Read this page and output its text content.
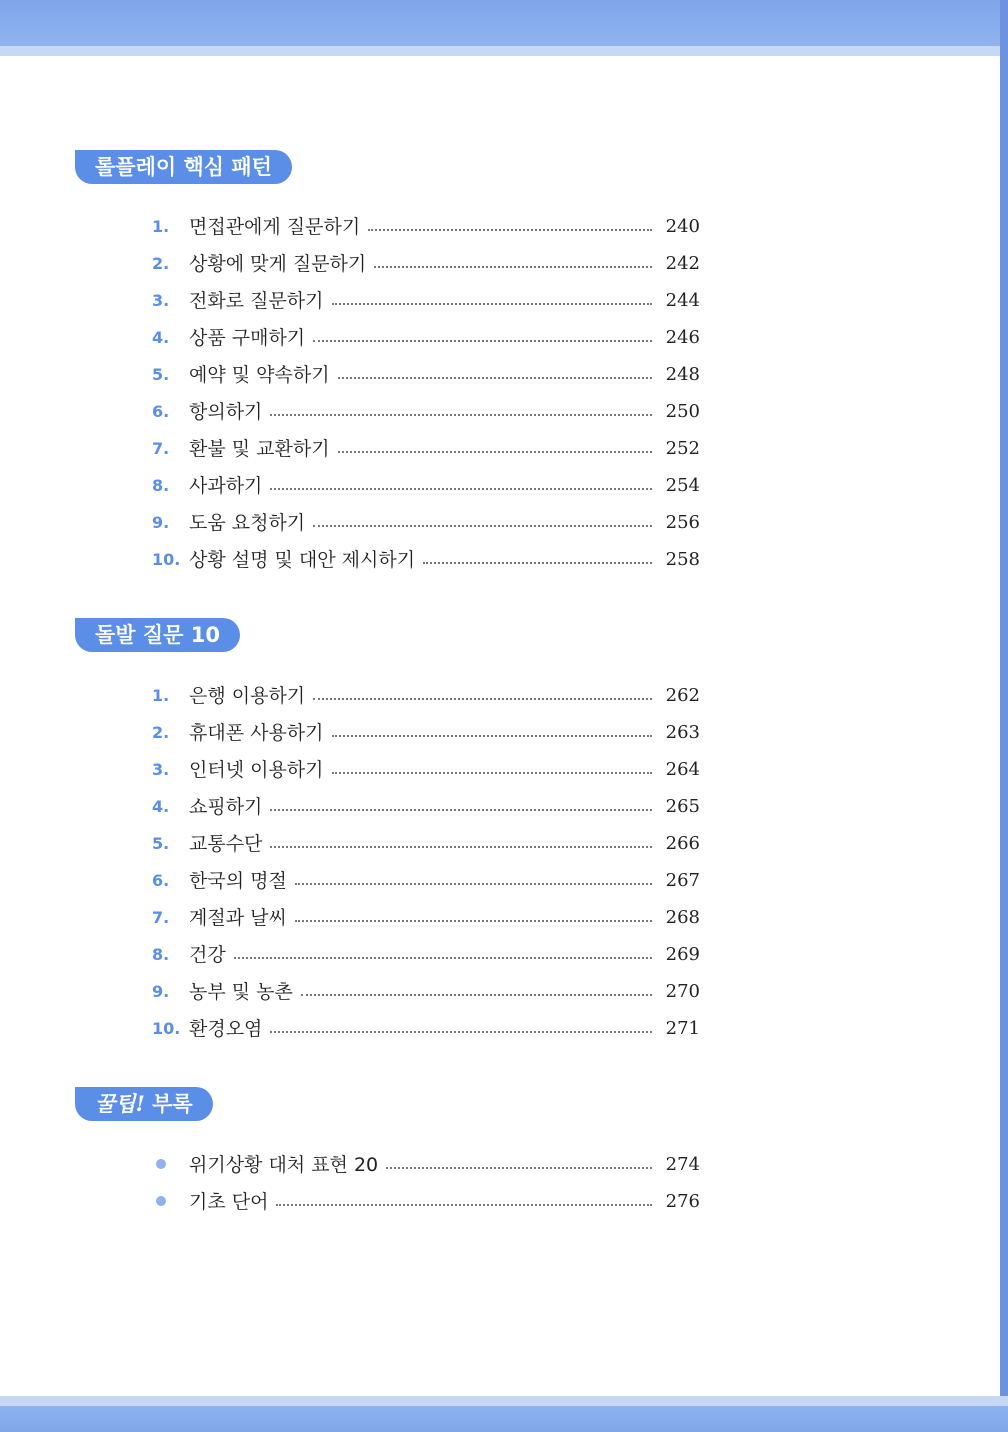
롤플레이 핵심 패턴
1.	면접관에게 질문하기	240
2.	상황에 맞게 질문하기	242
3.	전화로 질문하기	244
4.	상품 구매하기	246
5.	예약 및 약속하기	248
6.	항의하기	250
7.	환불 및 교환하기	252
8.	사과하기	254
9.	도움 요청하기	256
10. 상황 설명 및 대안 제시하기	258
돌발 질문 10
1.	은행 이용하기	262
2.	휴대폰 사용하기	263
3.	인터넷 이용하기	264
4.	쇼핑하기	265
5.	교통수단	266
6.	한국의 명절	267
7.	계절과 날씨	268
8.	건강	269
9.	농부 및 농촌	270
10. 환경오염	271
꿀팁! 부록
위기상황 대처 표현 20	274
기초 단어	276
